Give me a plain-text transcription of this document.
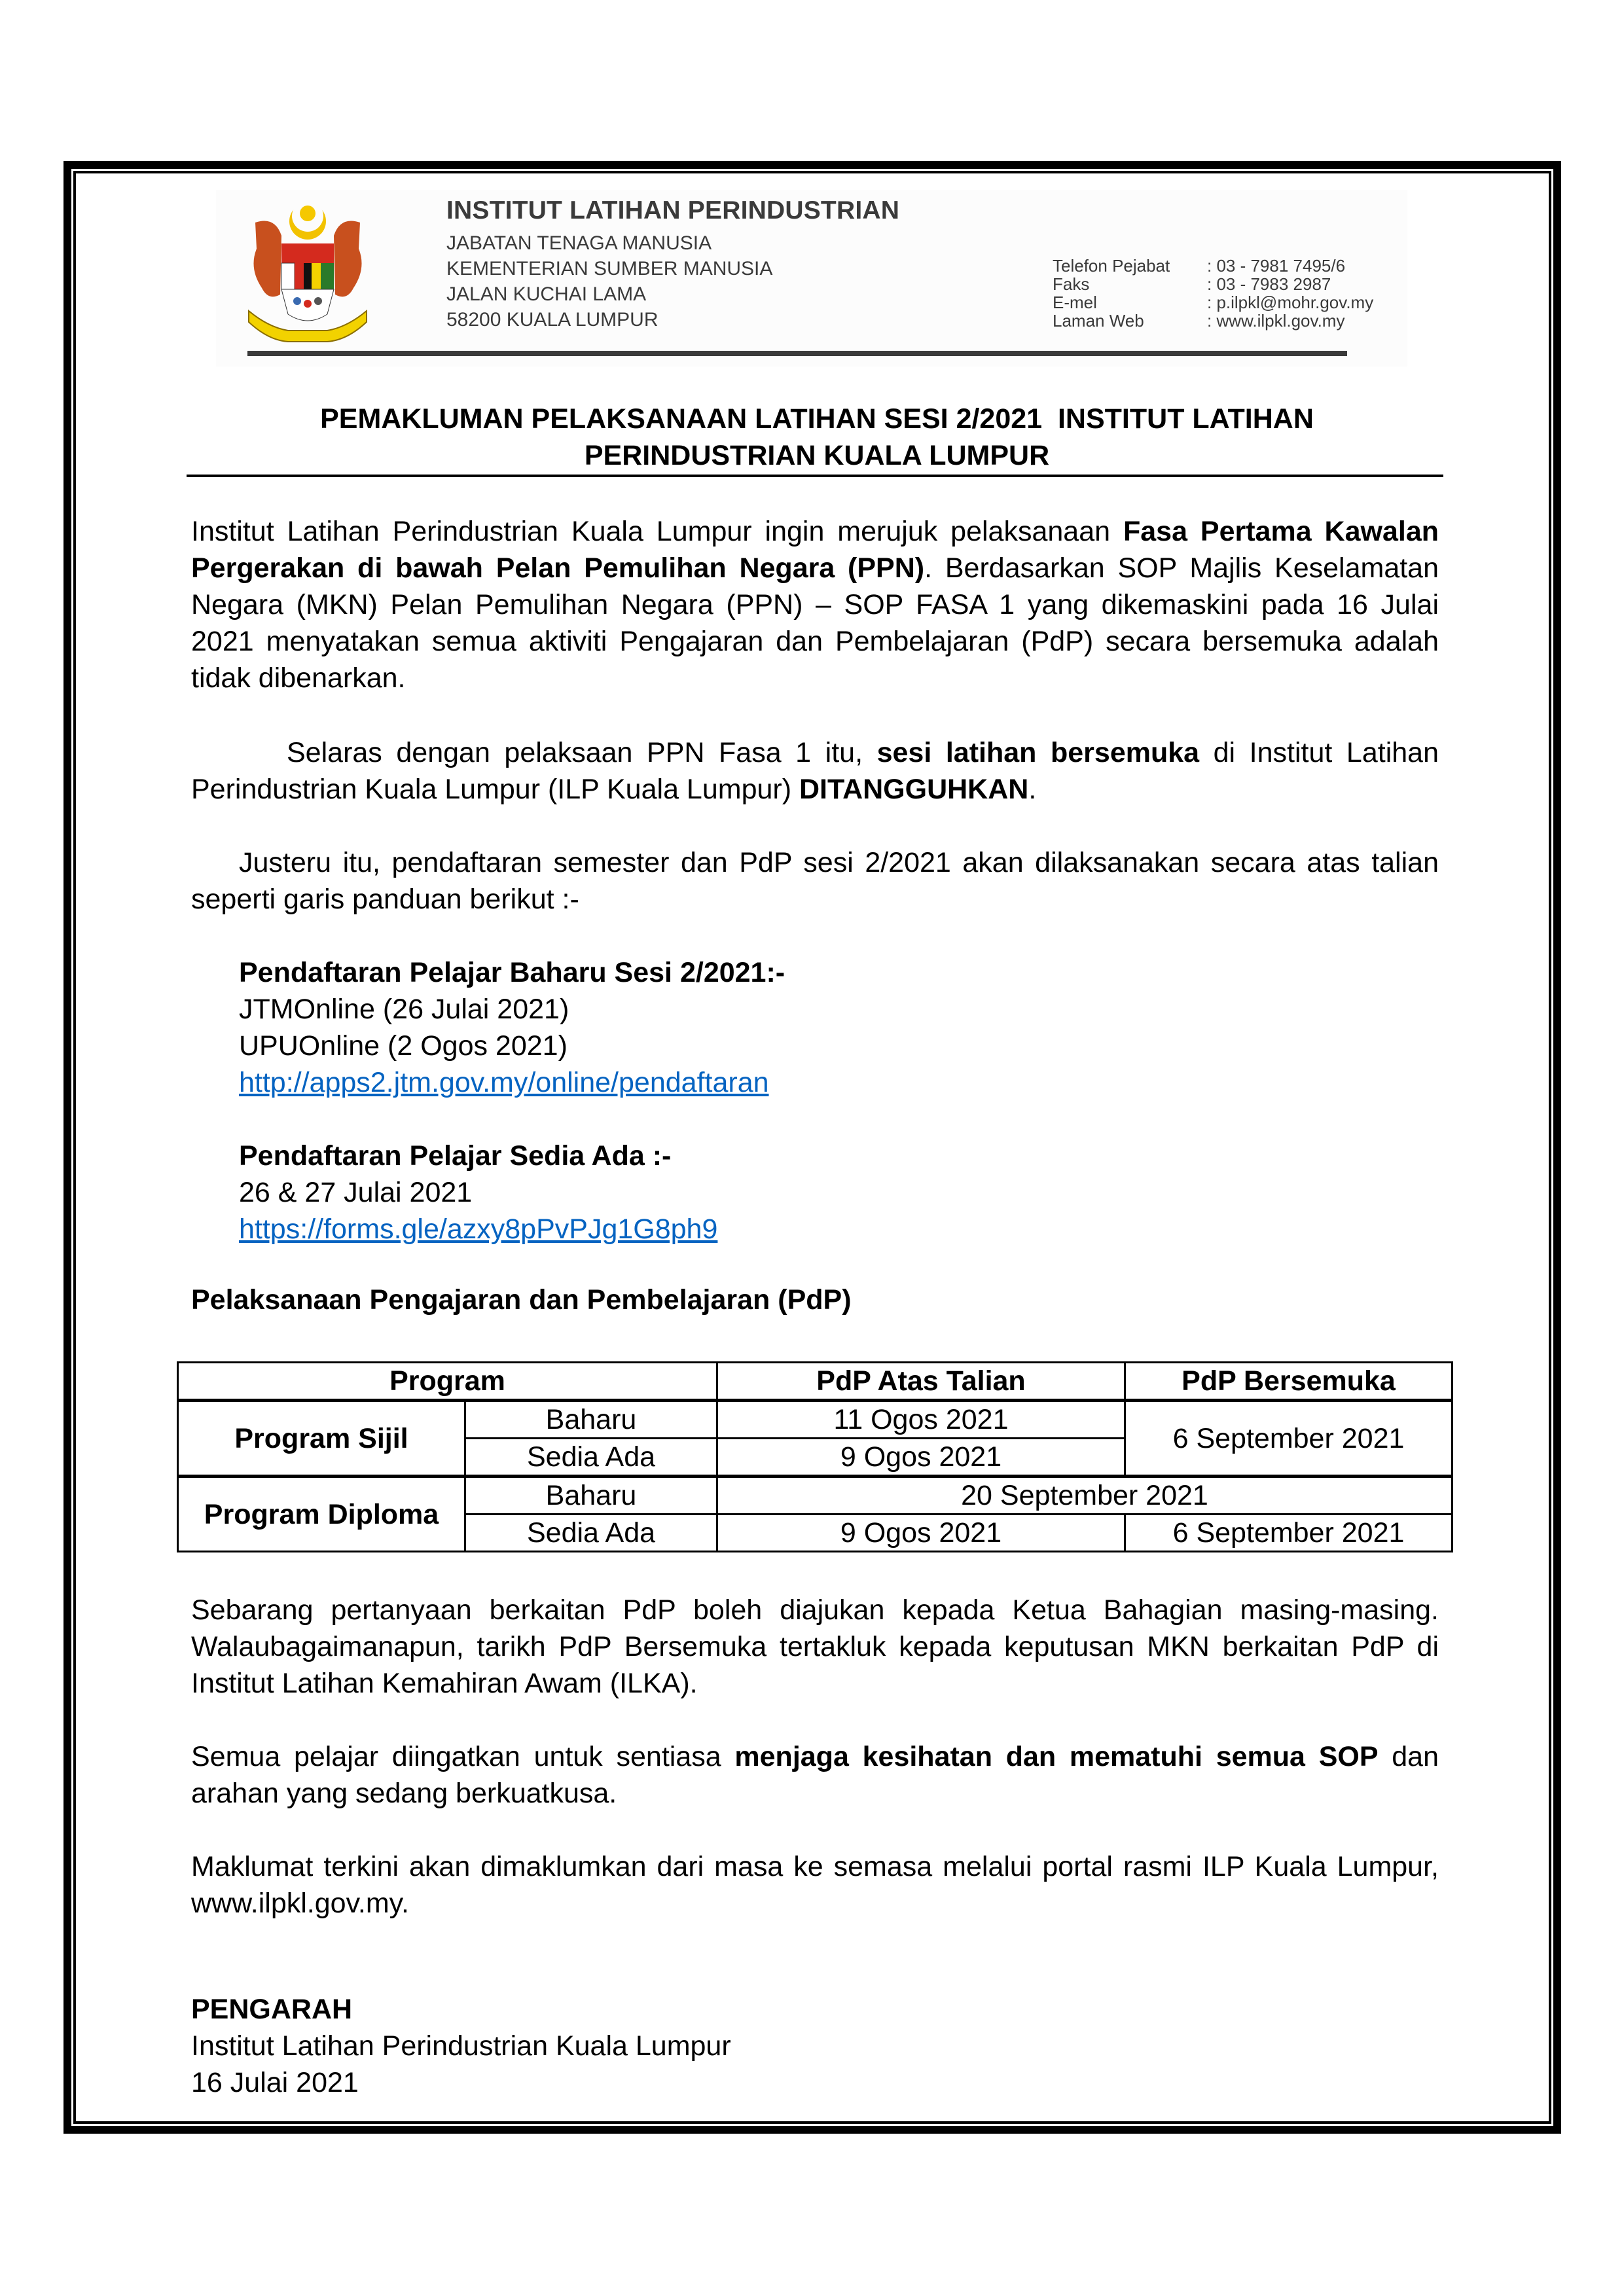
INSTITUT LATIHAN PERINDUSTRIAN
JABATAN TENAGA MANUSIA
KEMENTERIAN SUMBER MANUSIA
JALAN KUCHAI LAMA
58200 KUALA LUMPUR
Telefon Pejabat	: 03 - 7981 7495/6
Faks	: 03 - 7983 2987
E-mel	: p.ilpkl@mohr.gov.my
Laman Web	: www.ilpkl.gov.my
PEMAKLUMAN PELAKSANAAN LATIHAN SESI 2/2021  INSTITUT LATIHAN
PERINDUSTRIAN KUALA LUMPUR
Institut Latihan Perindustrian Kuala Lumpur ingin merujuk pelaksanaan Fasa Pertama Kawalan Pergerakan di bawah Pelan Pemulihan Negara (PPN). Berdasarkan SOP Majlis Keselamatan Negara (MKN) Pelan Pemulihan Negara (PPN) – SOP FASA 1 yang dikemaskini pada 16 Julai 2021 menyatakan semua aktiviti Pengajaran dan Pembelajaran (PdP) secara bersemuka adalah tidak dibenarkan.
Selaras dengan pelaksaan PPN Fasa 1 itu, sesi latihan bersemuka di Institut Latihan Perindustrian Kuala Lumpur (ILP Kuala Lumpur) DITANGGUHKAN.
Justeru itu, pendaftaran semester dan PdP sesi 2/2021 akan dilaksanakan secara atas talian seperti garis panduan berikut :-
Pendaftaran Pelajar Baharu Sesi 2/2021:-
JTMOnline (26 Julai 2021)
UPUOnline (2 Ogos 2021)
http://apps2.jtm.gov.my/online/pendaftaran
Pendaftaran Pelajar Sedia Ada :-
26 & 27 Julai 2021
https://forms.gle/azxy8pPvPJg1G8ph9
Pelaksanaan Pengajaran dan Pembelajaran (PdP)
Program		PdP Atas Talian	PdP Bersemuka
Program Sijil	Baharu	11 Ogos 2021	6 September 2021
	Sedia Ada	9 Ogos 2021	
Program Diploma	Baharu	20 September 2021	
	Sedia Ada	9 Ogos 2021	6 September 2021
Sebarang pertanyaan berkaitan PdP boleh diajukan kepada Ketua Bahagian masing-masing. Walaubagaimanapun, tarikh PdP Bersemuka tertakluk kepada keputusan MKN berkaitan PdP di Institut Latihan Kemahiran Awam (ILKA).
Semua pelajar diingatkan untuk sentiasa menjaga kesihatan dan mematuhi semua SOP dan arahan yang sedang berkuatkusa.
Maklumat terkini akan dimaklumkan dari masa ke semasa melalui portal rasmi ILP Kuala Lumpur, www.ilpkl.gov.my.
PENGARAH
Institut Latihan Perindustrian Kuala Lumpur
16 Julai 2021
